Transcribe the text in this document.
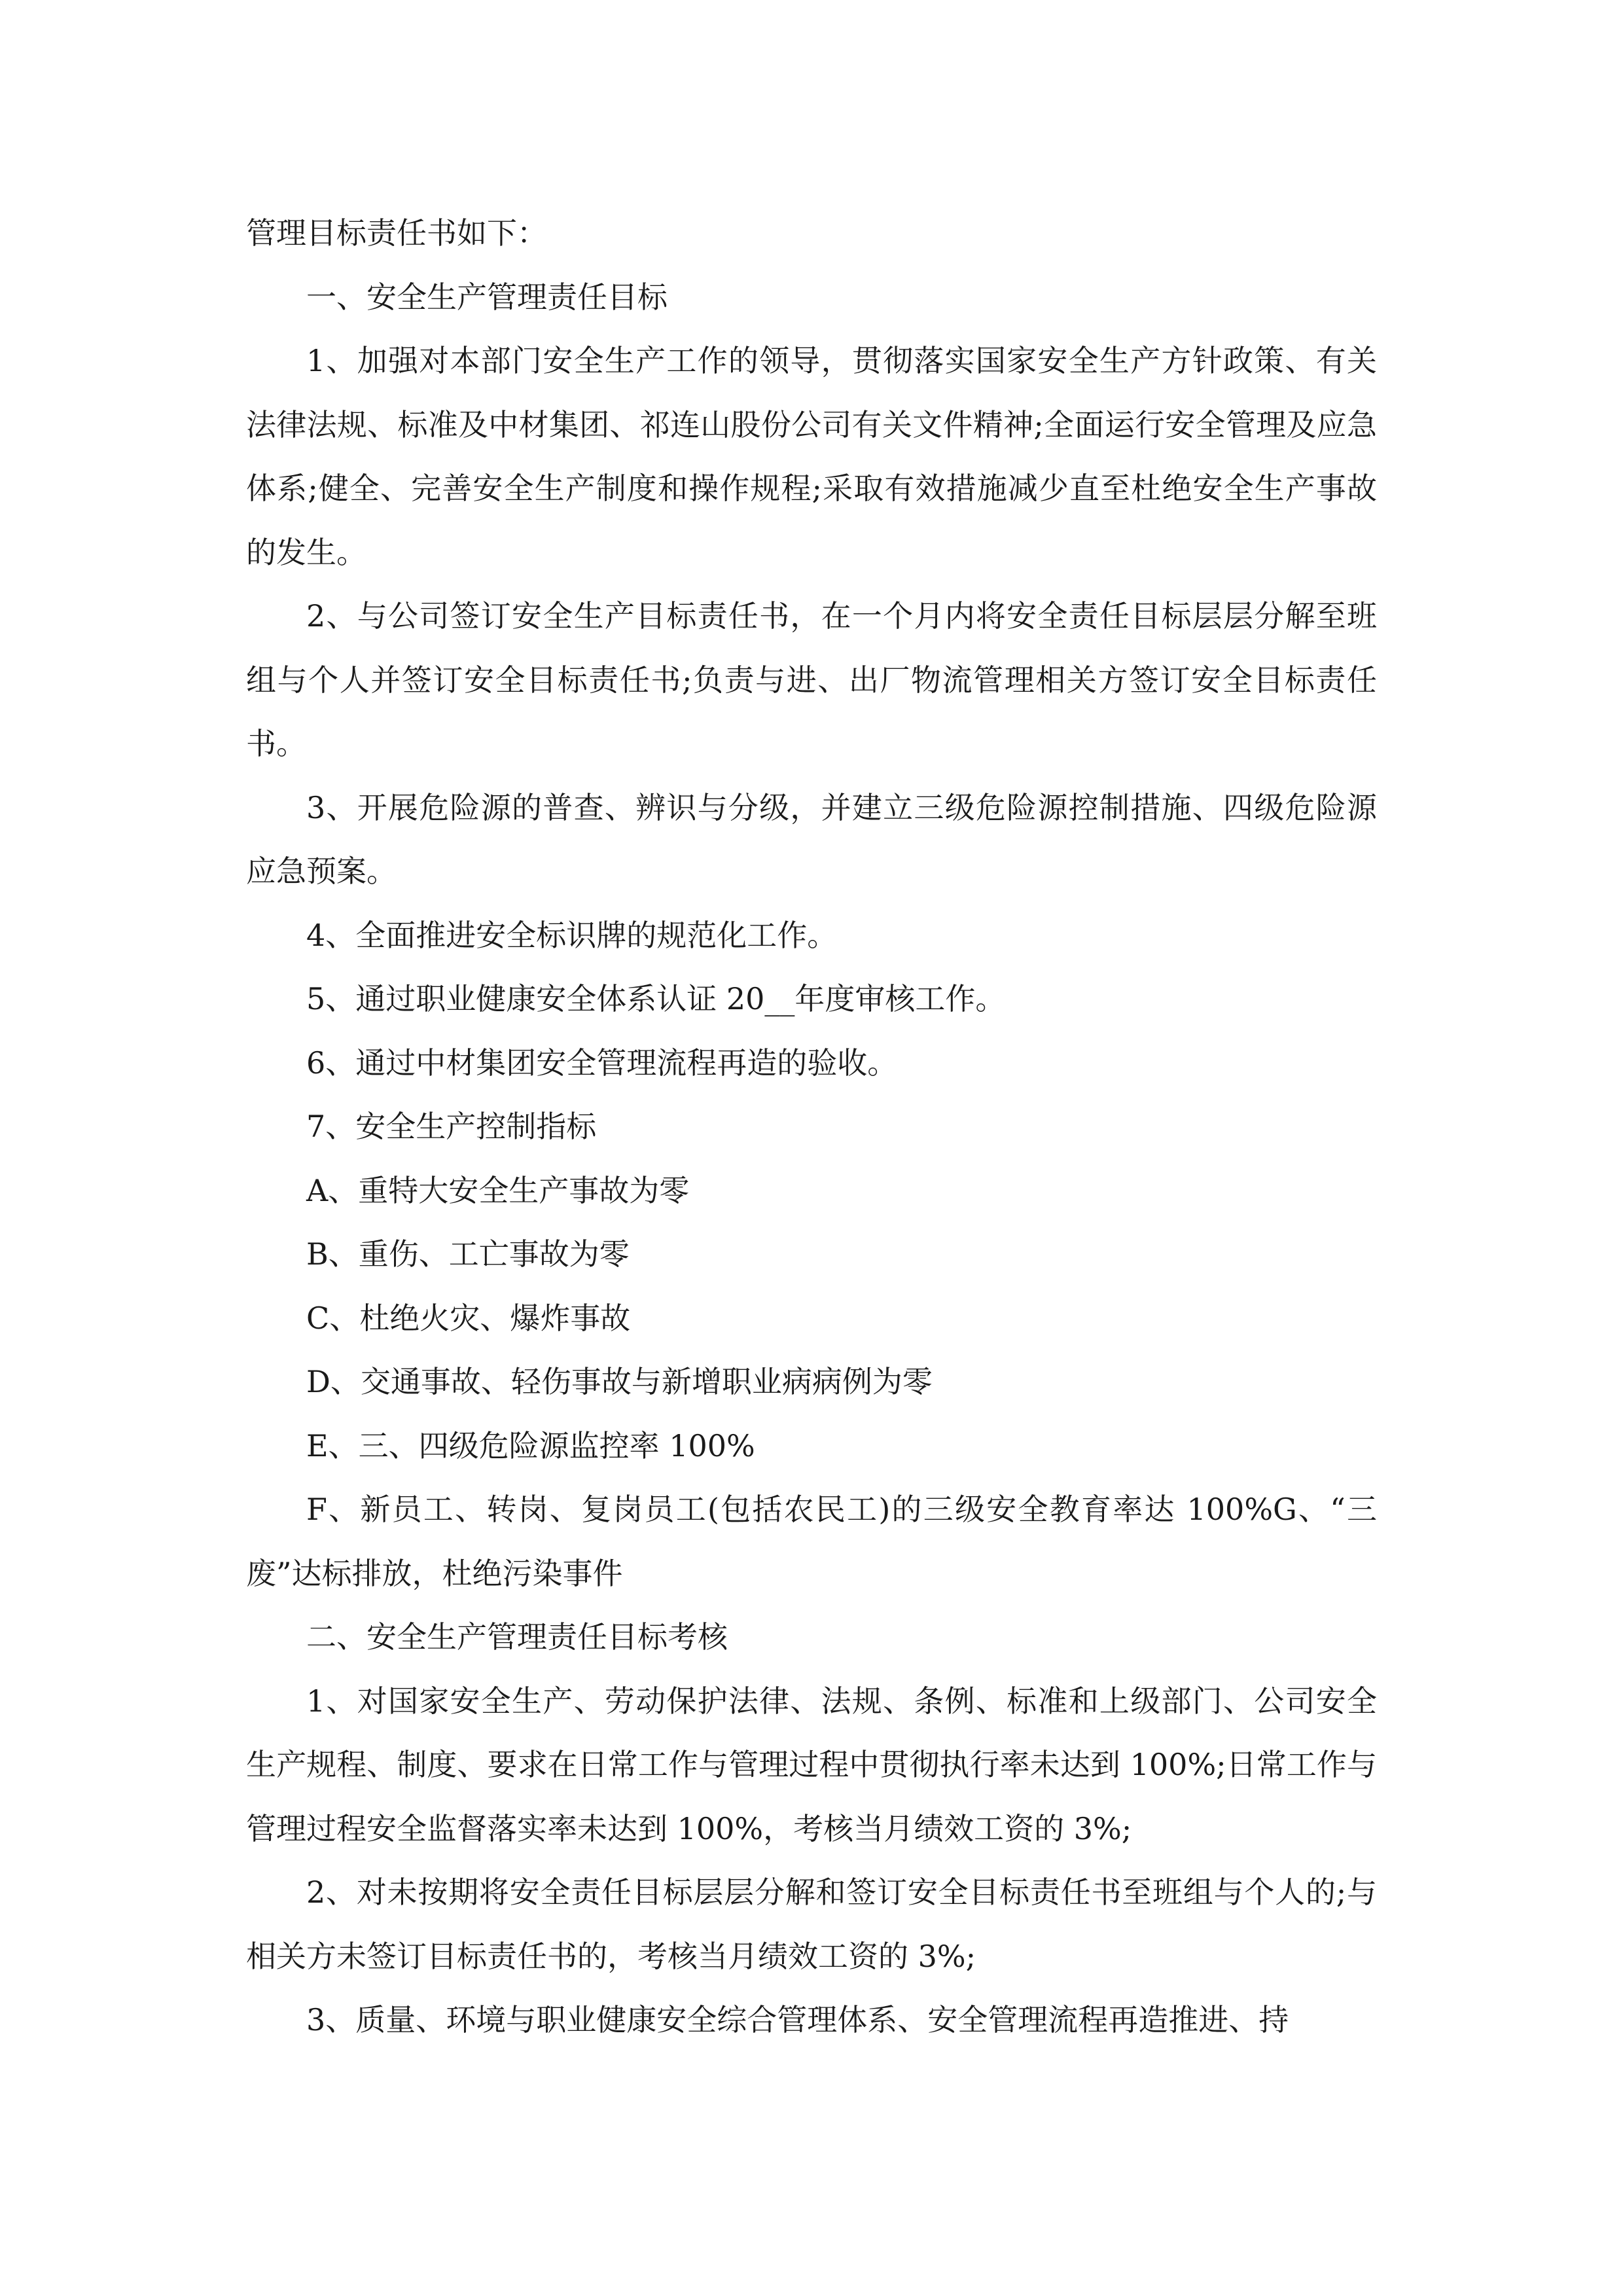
管理目标责任书如下：

一、安全生产管理责任目标

1、加强对本部门安全生产工作的领导，贯彻落实国家安全生产方针政策、有关法律法规、标准及中材集团、祁连山股份公司有关文件精神;全面运行安全管理及应急体系;健全、完善安全生产制度和操作规程;采取有效措施减少直至杜绝安全生产事故的发生。

2、与公司签订安全生产目标责任书，在一个月内将安全责任目标层层分解至班组与个人并签订安全目标责任书;负责与进、出厂物流管理相关方签订安全目标责任书。

3、开展危险源的普查、辨识与分级，并建立三级危险源控制措施、四级危险源应急预案。

4、全面推进安全标识牌的规范化工作。

5、通过职业健康安全体系认证 20__年度审核工作。

6、通过中材集团安全管理流程再造的验收。

7、安全生产控制指标

A、重特大安全生产事故为零

B、重伤、工亡事故为零

C、杜绝火灾、爆炸事故

D、交通事故、轻伤事故与新增职业病病例为零

E、三、四级危险源监控率 100%

F、新员工、转岗、复岗员工(包括农民工)的三级安全教育率达 100%G、“三废”达标排放，杜绝污染事件

二、安全生产管理责任目标考核

1、对国家安全生产、劳动保护法律、法规、条例、标准和上级部门、公司安全生产规程、制度、要求在日常工作与管理过程中贯彻执行率未达到 100%;日常工作与管理过程安全监督落实率未达到 100%，考核当月绩效工资的 3%;

2、对未按期将安全责任目标层层分解和签订安全目标责任书至班组与个人的;与相关方未签订目标责任书的，考核当月绩效工资的 3%;

3、质量、环境与职业健康安全综合管理体系、安全管理流程再造推进、持
